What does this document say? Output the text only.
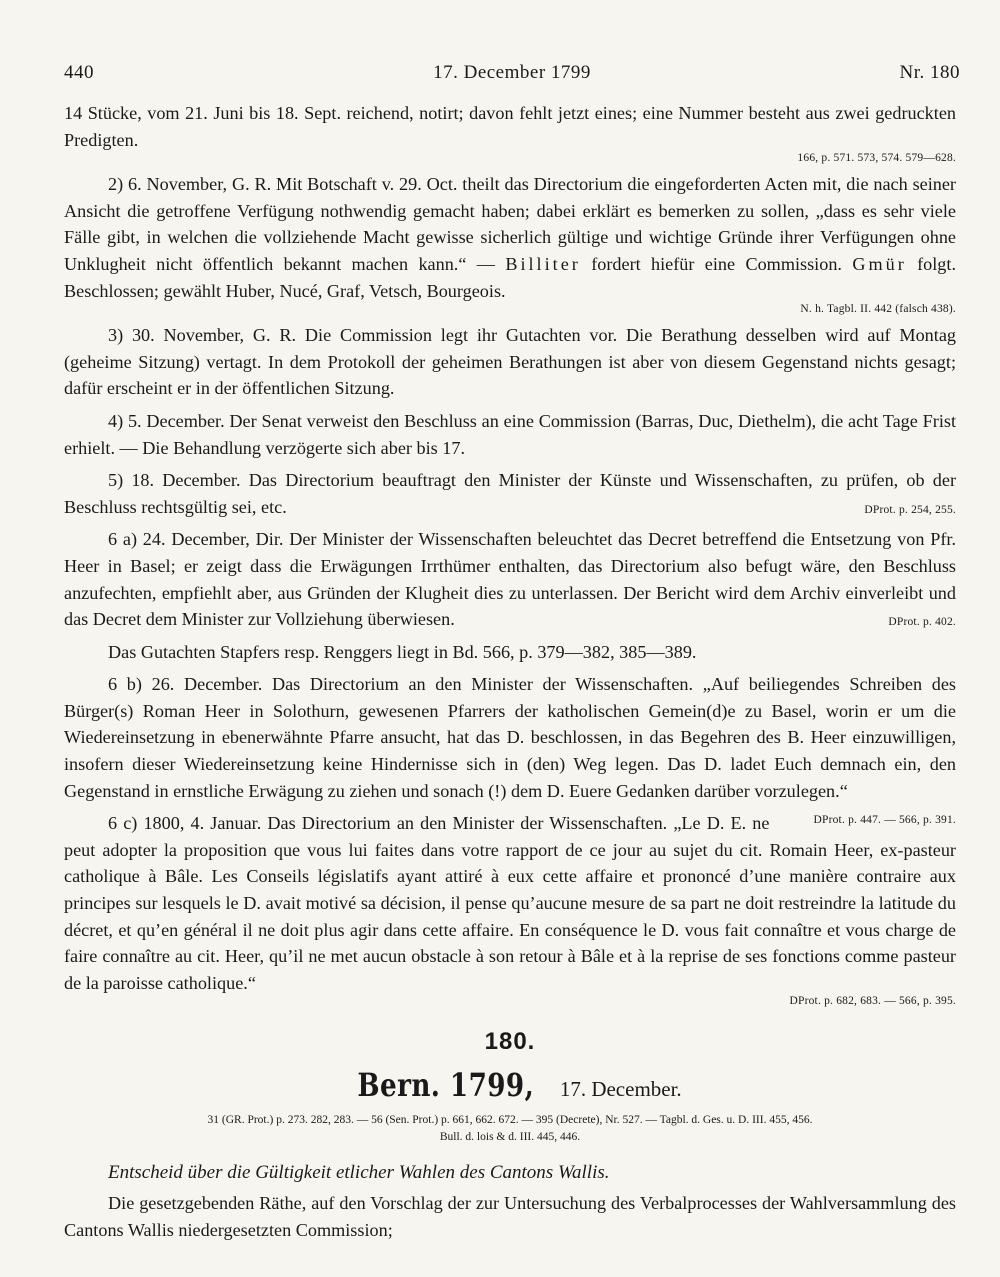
440	17. December 1799	Nr. 180

14 Stücke, vom 21. Juni bis 18. Sept. reichend, notirt; davon fehlt jetzt eines; eine Nummer besteht aus zwei gedruckten Predigten.

166, p. 571. 573, 574. 579—628.

2) 6. November, G. R. Mit Botschaft v. 29. Oct. theilt das Directorium die eingeforderten Acten mit, die nach seiner Ansicht die getroffene Verfügung nothwendig gemacht haben; dabei erklärt es bemerken zu sollen, „dass es sehr viele Fälle gibt, in welchen die vollziehende Macht gewisse sicherlich gültige und wichtige Gründe ihrer Verfügungen ohne Unklugheit nicht öffentlich bekannt machen kann.“ — Billiter fordert hiefür eine Commission. Gmür folgt. Beschlossen; gewählt Huber, Nucé, Graf, Vetsch, Bourgeois.

N. h. Tagbl. II. 442 (falsch 438).

3) 30. November, G. R. Die Commission legt ihr Gutachten vor. Die Berathung desselben wird auf Montag (geheime Sitzung) vertagt. In dem Protokoll der geheimen Berathungen ist aber von diesem Gegenstand nichts gesagt; dafür erscheint er in der öffentlichen Sitzung.

4) 5. December. Der Senat verweist den Beschluss an eine Commission (Barras, Duc, Diethelm), die acht Tage Frist erhielt. — Die Behandlung verzögerte sich aber bis 17.

5) 18. December. Das Directorium beauftragt den Minister der Künste und Wissenschaften, zu prüfen, ob der Beschluss rechtsgültig sei, etc.	DProt. p. 254, 255.

6 a) 24. December, Dir. Der Minister der Wissenschaften beleuchtet das Decret betreffend die Entsetzung von Pfr. Heer in Basel; er zeigt dass die Erwägungen Irrthümer enthalten, das Directorium also befugt wäre, den Beschluss anzufechten, empfiehlt aber, aus Gründen der Klugheit dies zu unterlassen. Der Bericht wird dem Archiv einverleibt und das Decret dem Minister zur Vollziehung überwiesen.	DProt. p. 402.

Das Gutachten Stapfers resp. Renggers liegt in Bd. 566, p. 379—382, 385—389.

6 b) 26. December. Das Directorium an den Minister der Wissenschaften. „Auf beiliegendes Schreiben des Bürger(s) Roman Heer in Solothurn, gewesenen Pfarrers der katholischen Gemein(d)e zu Basel, worin er um die Wiedereinsetzung in ebenerwähnte Pfarre ansucht, hat das D. beschlossen, in das Begehren des B. Heer einzuwilligen, insofern dieser Wiedereinsetzung keine Hindernisse sich in (den) Weg legen. Das D. ladet Euch demnach ein, den Gegenstand in ernstliche Erwägung zu ziehen und sonach (!) dem D. Euere Gedanken darüber vorzulegen.“
DProt. p. 447. — 566, p. 391.

6 c) 1800, 4. Januar. Das Directorium an den Minister der Wissenschaften. „Le D. E. ne peut adopter la proposition que vous lui faites dans votre rapport de ce jour au sujet du cit. Romain Heer, ex-pasteur catholique à Bâle. Les Conseils législatifs ayant attiré à eux cette affaire et prononcé d’une manière contraire aux principes sur lesquels le D. avait motivé sa décision, il pense qu’aucune mesure de sa part ne doit restreindre la latitude du décret, et qu’en général il ne doit plus agir dans cette affaire. En conséquence le D. vous fait connaître et vous charge de faire connaître au cit. Heer, qu’il ne met aucun obstacle à son retour à Bâle et à la reprise de ses fonctions comme pasteur de la paroisse catholique.“

DProt. p. 682, 683. — 566, p. 395.
180.
Bern. 1799, 17. December.
31 (GR. Prot.) p. 273. 282, 283. — 56 (Sen. Prot.) p. 661, 662. 672. — 395 (Decrete), Nr. 527. — Tagbl. d. Ges. u. D. III. 455, 456.
Bull. d. lois & d. III. 445, 446.
Entscheid über die Gültigkeit etlicher Wahlen des Cantons Wallis.

Die gesetzgebenden Räthe, auf den Vorschlag der zur Untersuchung des Verbalprocesses der Wahlversammlung des Cantons Wallis niedergesetzten Commission;
